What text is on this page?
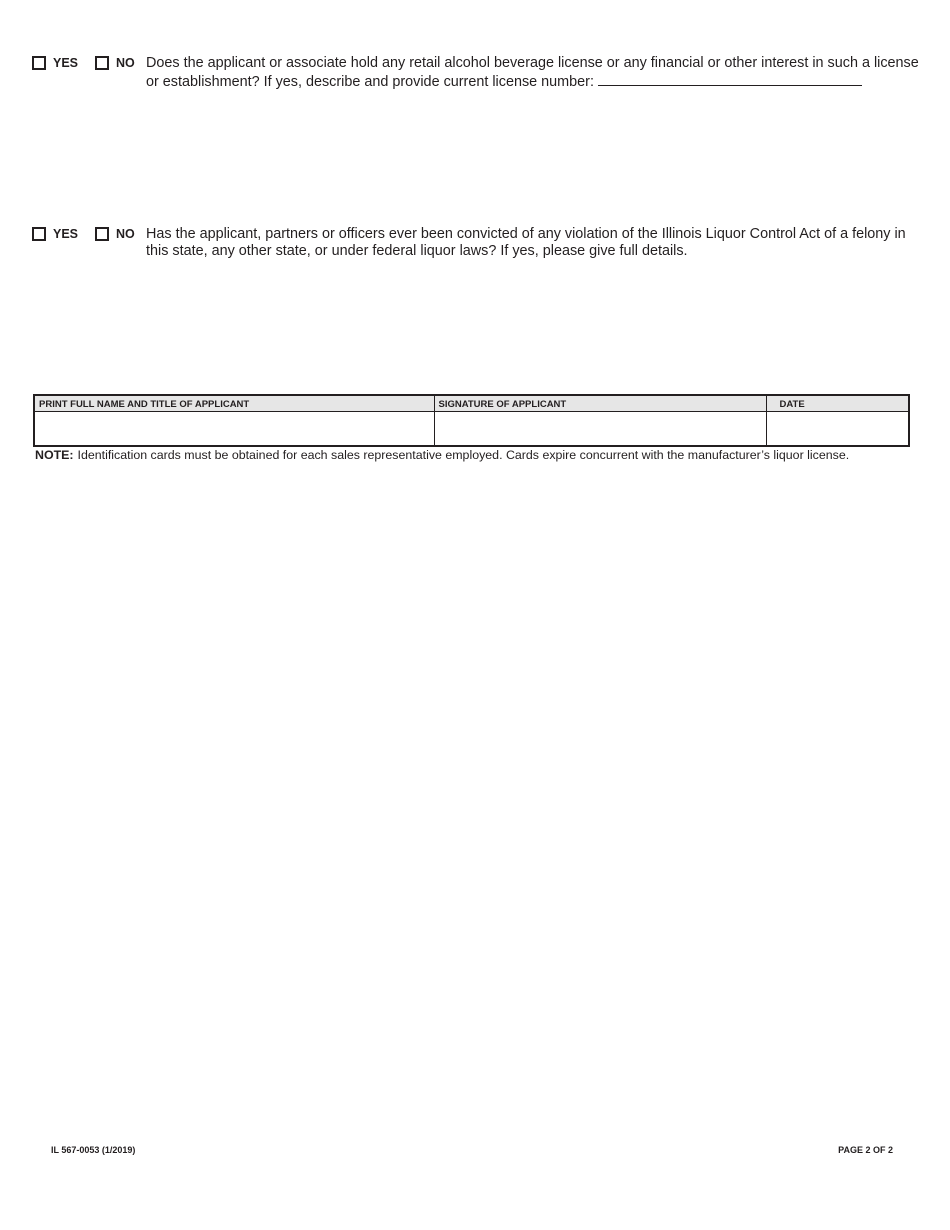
YES	NO Does the applicant or associate hold any retail alcohol beverage license or any financial or other interest in such a license
or establishment? If yes, describe and provide current license number:
YES	NO Has the applicant, partners or officers ever been convicted of any violation of the Illinois Liquor Control Act of a felony in
this state, any other state, or under federal liquor laws? If yes, please give full details.
PRINT FULL NAME AND TITLE OF APPLICANT	SIGNATURE OF APPLICANT	DATE

NOTE: Identification cards must be obtained for each sales representative employed. Cards expire concurrent with the manufacturer’s liquor license.
IL 567-0053 (1/2019)	PAGE 2 OF 2
